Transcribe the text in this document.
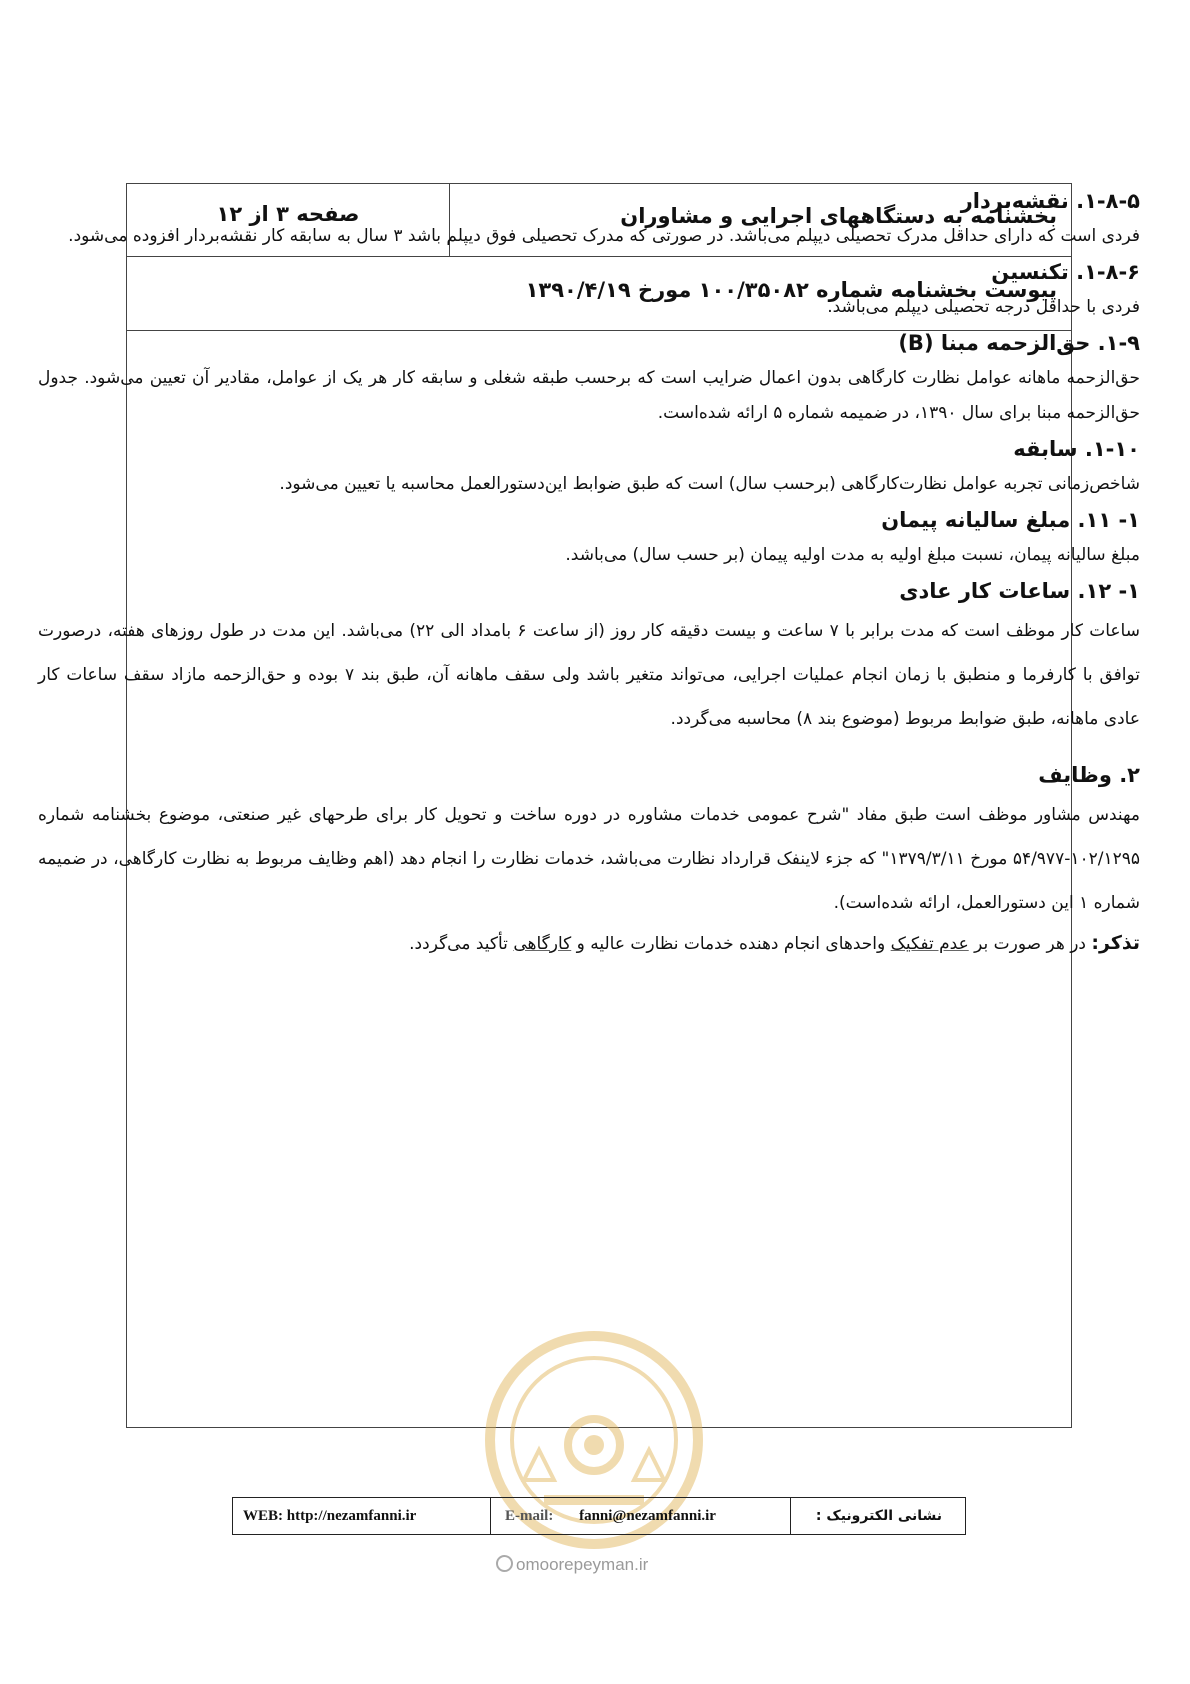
صفحه ۳ از ۱۲	بخشنامه به دستگاههای اجرایی و مشاوران
پیوست بخشنامه شماره ۱۰۰/۳۵۰۸۲ مورخ ۱۳۹۰/۴/۱۹

۱-۸-۵. نقشه‌بردار

فردی است که دارای حداقل مدرک تحصیلی دیپلم می‌باشد. در صورتی که مدرک تحصیلی فوق دیپلم باشد ۳ سال به سابقه کار نقشه‌بردار افزوده می‌شود.

۱-۸-۶. تکنسین

فردی با حداقل درجه تحصیلی دیپلم می‌باشد.

۱-۹. حق‌الزحمه مبنا (B)

حق‌الزحمه ماهانه عوامل نظارت کارگاهی بدون اعمال ضرایب است که برحسب طبقه شغلی و سابقه کار هر یک از عوامل، مقادیر آن تعیین می‌شود. جدول حق‌الزحمه مبنا برای سال ۱۳۹۰، در ضمیمه شماره ۵ ارائه شده‌است.

۱-۱۰. سابقه

شاخص‌زمانی تجربه عوامل نظارت‌کارگاهی (برحسب سال) است که طبق ضوابط این‌دستورالعمل محاسبه یا تعیین می‌شود.

۱- ۱۱. مبلغ سالیانه پیمان

مبلغ سالیانه پیمان، نسبت مبلغ اولیه به مدت اولیه پیمان (بر حسب سال) می‌باشد.

۱- ۱۲. ساعات کار عادی

ساعات کار موظف است که مدت برابر با ۷ ساعت و بیست دقیقه کار روز (از ساعت ۶ بامداد الی ۲۲) می‌باشد. این مدت در طول روزهای هفته، درصورت توافق با کارفرما و منطبق با زمان انجام عملیات اجرایی، می‌تواند متغیر باشد ولی سقف ماهانه آن، طبق بند ۷ بوده و حق‌الزحمه مازاد سقف ساعات کار عادی ماهانه، طبق ضوابط مربوط (موضوع بند ۸) محاسبه می‌گردد.

۲. وظایف

مهندس مشاور موظف است طبق مفاد "شرح عمومی خدمات مشاوره در دوره ساخت و تحویل کار برای طرحهای غیر صنعتی، موضوع بخشنامه شماره ۱۰۲/۱۲۹۵-۵۴/۹۷۷ مورخ ۱۳۷۹/۳/۱۱" که جزء لاینفک قرارداد نظارت می‌باشد، خدمات نظارت را انجام دهد (اهم وظایف مربوط به نظارت کارگاهی، در ضمیمه شماره ۱ این دستورالعمل، ارائه شده‌است).

تذکر: در هر صورت بر عدم تفکیک واحدهای انجام دهنده خدمات نظارت عالیه و کارگاهی تأکید می‌گردد.

WEB: http://nezamfanni.ir	E-mail: fanni@nezamfanni.ir	نشانی الکترونیک :
omoorepeyman.ir
